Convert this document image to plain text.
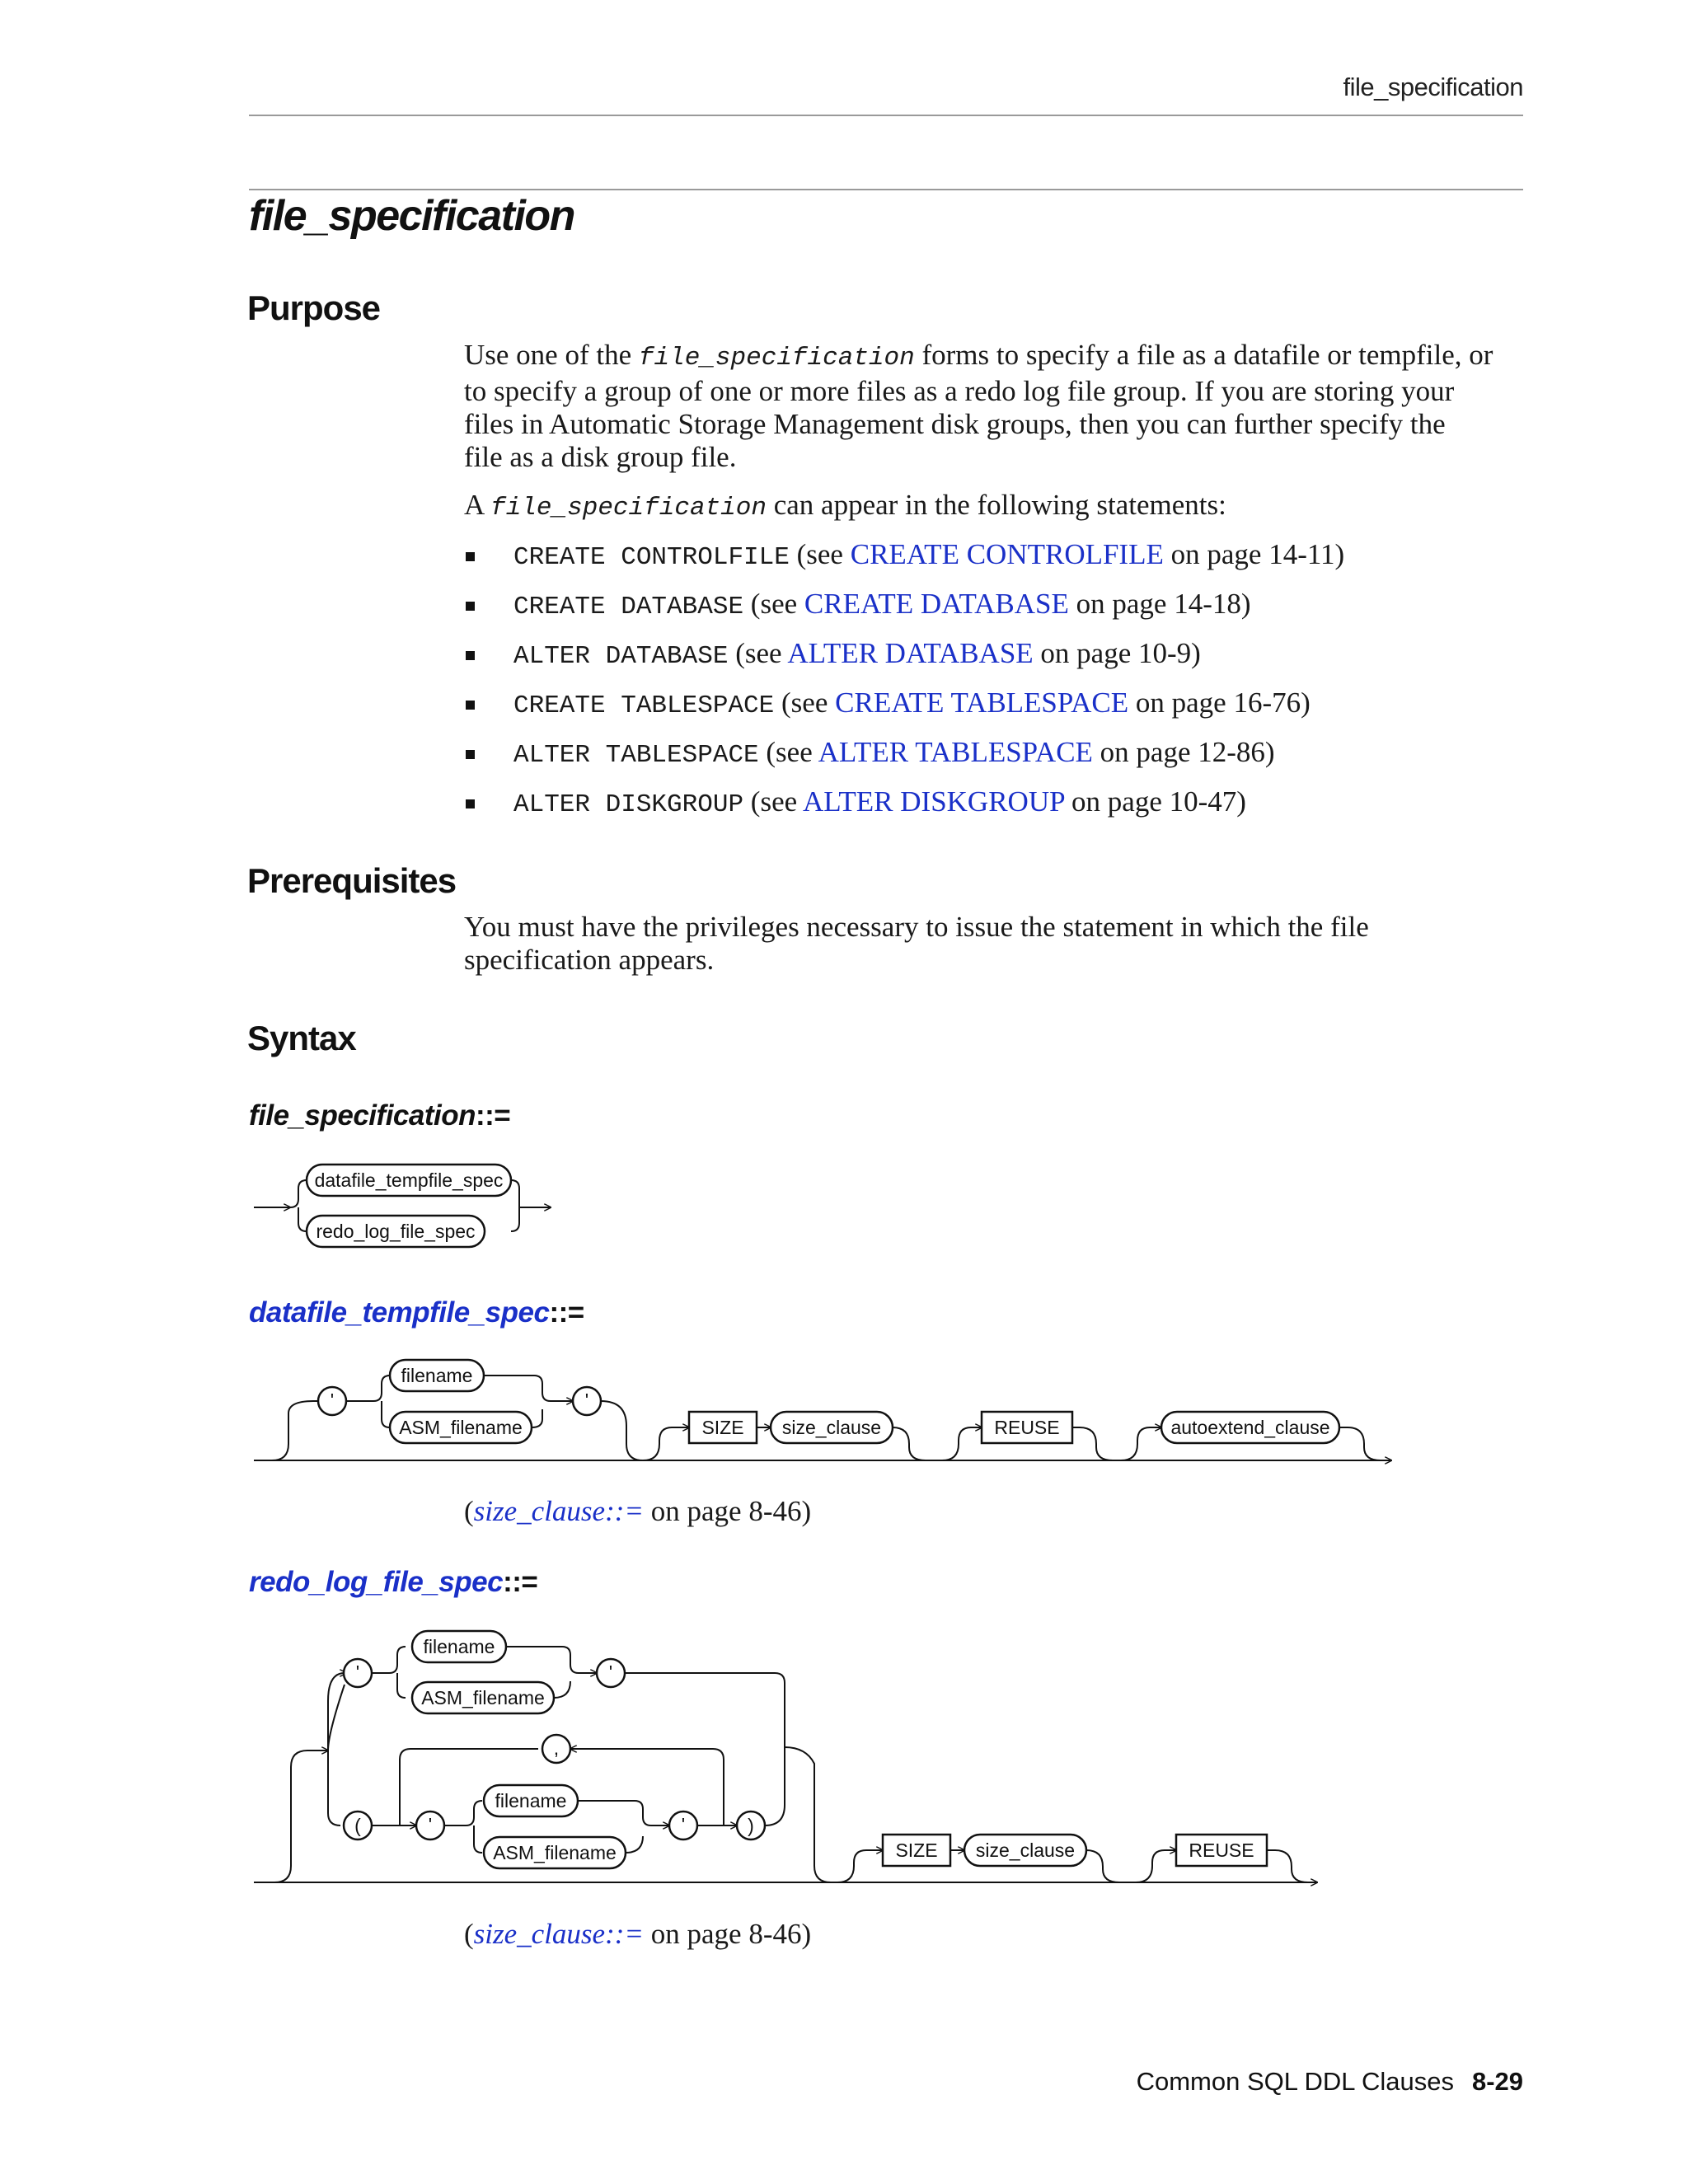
file_specification
file_specification
Purpose

Use one of the file_specification forms to specify a file as a datafile or tempfile, or

to specify a group of one or more files as a redo log file group. If you are storing your

files in Automatic Storage Management disk groups, then you can further specify the

file as a disk group file.

A file_specification can appear in the following statements:

CREATE CONTROLFILE (see CREATE CONTROLFILE on page 14-11)
CREATE DATABASE (see CREATE DATABASE on page 14-18)
ALTER DATABASE (see ALTER DATABASE on page 10-9)
CREATE TABLESPACE (see CREATE TABLESPACE on page 16-76)
ALTER TABLESPACE (see ALTER TABLESPACE on page 12-86)
ALTER DISKGROUP (see ALTER DISKGROUP on page 10-47)
Prerequisites

You must have the privileges necessary to issue the statement in which the file

specification appears.

Syntax
file_specification::=
datafile_tempfile_spec::=
(size_clause::= on page 8-46)
redo_log_file_spec::=
(size_clause::= on page 8-46)
datafile_tempfile_spec
redo_log_file_spec
'
filename
ASM_filename
'
SIZE size_clause	REUSE	autoextend_clause
'
filename
ASM_filename
'
(
,
'
filename
ASM_filename
'	)
SIZE size_clause	REUSE
Common SQL DDL Clauses 8-29
